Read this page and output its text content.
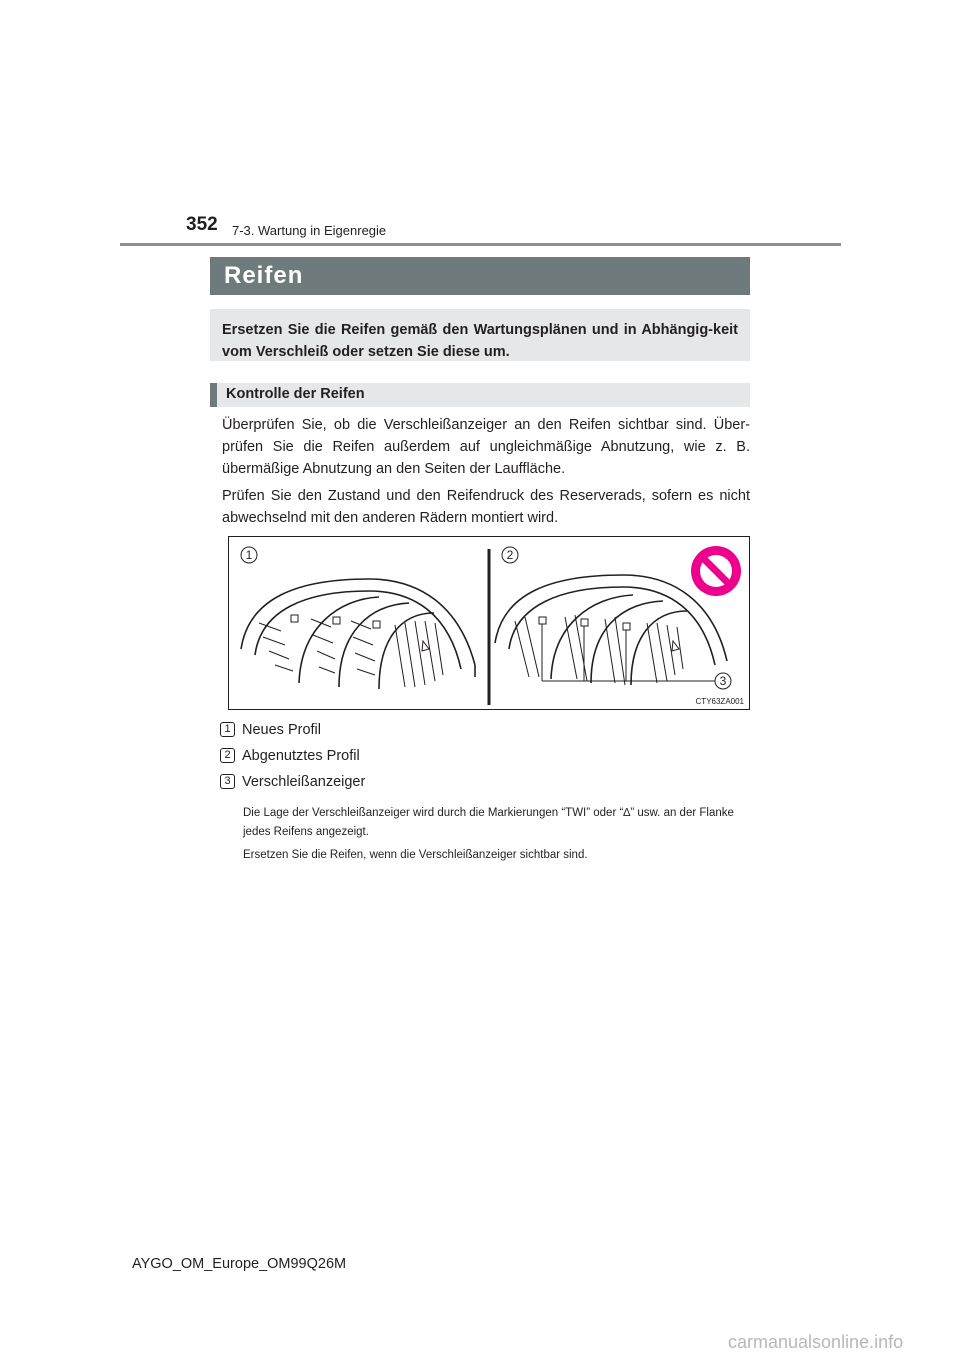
352 7-3. Wartung in Eigenregie
Reifen
Ersetzen Sie die Reifen gemäß den Wartungsplänen und in Abhängig-keit vom Verschleiß oder setzen Sie diese um.
Kontrolle der Reifen

Überprüfen Sie, ob die Verschleißanzeiger an den Reifen sichtbar sind. Über-prüfen Sie die Reifen außerdem auf ungleichmäßige Abnutzung, wie z. B. übermäßige Abnutzung an den Seiten der Lauffläche.

Prüfen Sie den Zustand und den Reifendruck des Reserverads, sofern es nicht abwechselnd mit den anderen Rädern montiert wird.

1	2
3
CTY63ZA001
1 Neues Profil
2 Abgenutztes Profil
3 Verschleißanzeiger

Die Lage der Verschleißanzeiger wird durch die Markierungen “TWI” oder “∆” usw. an der Flanke jedes Reifens angezeigt.

Ersetzen Sie die Reifen, wenn die Verschleißanzeiger sichtbar sind.

AYGO_OM_Europe_OM99Q26M
carmanualsonline.info
